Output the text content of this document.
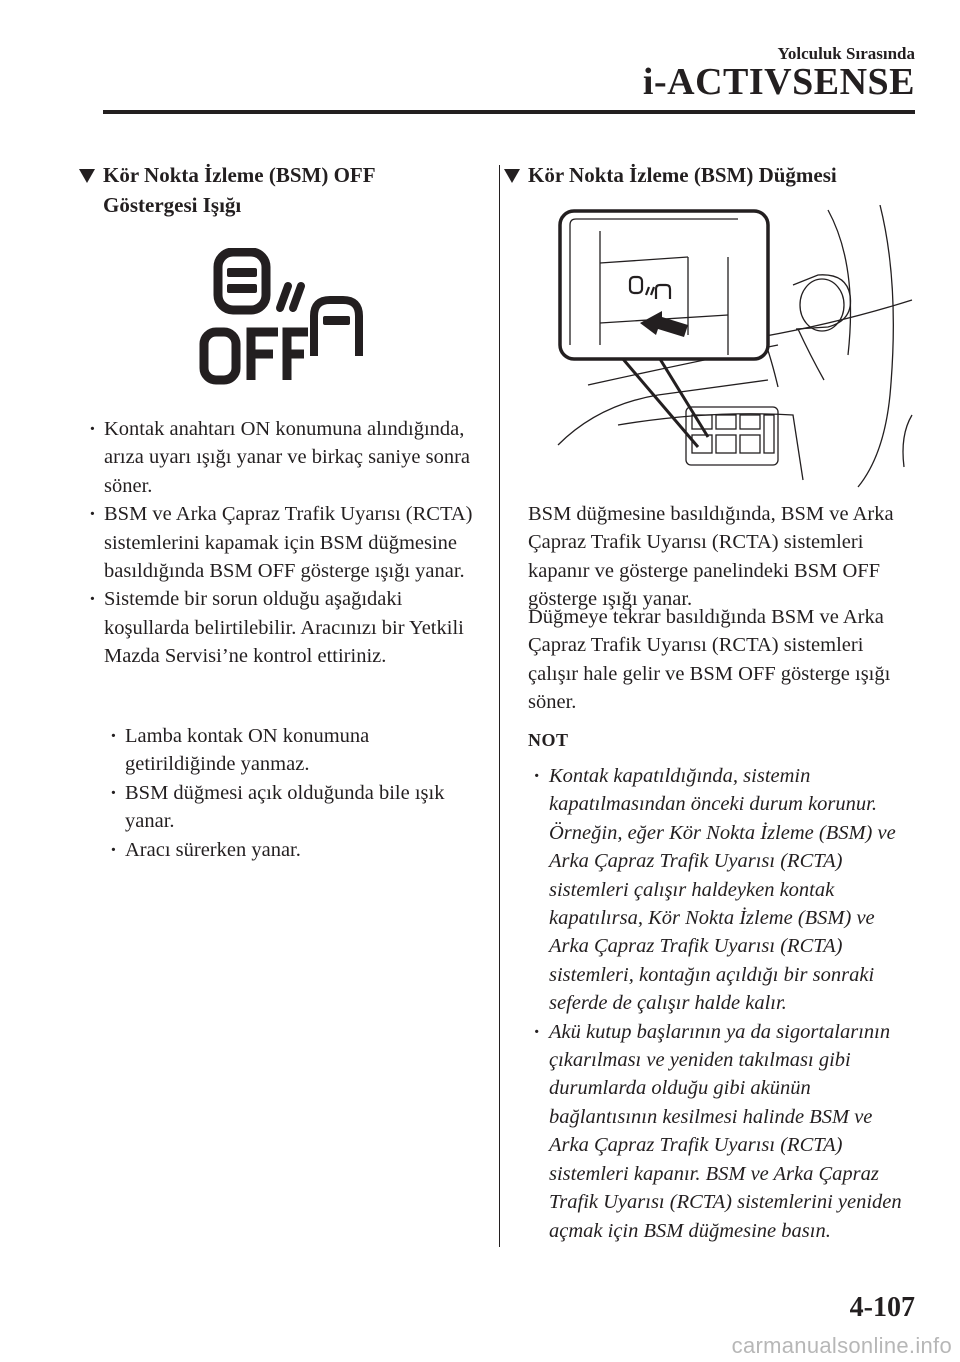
Yolculuk Sırasında
i-ACTIVSENSE
Kör Nokta İzleme (BSM) OFF Göstergesi Işığı
· Kontak anahtarı ON konumuna alındığında, arıza uyarı ışığı yanar ve birkaç saniye sonra söner.
· BSM ve Arka Çapraz Trafik Uyarısı (RCTA) sistemlerini kapamak için BSM düğmesine basıldığında BSM OFF gösterge ışığı yanar.
· Sistemde bir sorun olduğu aşağıdaki koşullarda belirtilebilir. Aracınızı bir Yetkili Mazda Servisi’ne kontrol ettiriniz.
· Lamba kontak ON konumuna getirildiğinde yanmaz.
· BSM düğmesi açık olduğunda bile ışık yanar.
· Aracı sürerken yanar.
Kör Nokta İzleme (BSM) Düğmesi
BSM düğmesine basıldığında, BSM ve Arka Çapraz Trafik Uyarısı (RCTA) sistemleri kapanır ve gösterge panelindeki BSM OFF gösterge ışığı yanar.
Düğmeye tekrar basıldığında BSM ve Arka Çapraz Trafik Uyarısı (RCTA) sistemleri çalışır hale gelir ve BSM OFF gösterge ışığı söner.
NOT
· Kontak kapatıldığında, sistemin kapatılmasından önceki durum korunur. Örneğin, eğer Kör Nokta İzleme (BSM) ve Arka Çapraz Trafik Uyarısı (RCTA) sistemleri çalışır haldeyken kontak kapatılırsa, Kör Nokta İzleme (BSM) ve Arka Çapraz Trafik Uyarısı (RCTA) sistemleri, kontağın açıldığı bir sonraki seferde de çalışır halde kalır.
· Akü kutup başlarının ya da sigortalarının çıkarılması ve yeniden takılması gibi durumlarda olduğu gibi akünün bağlantısının kesilmesi halinde BSM ve Arka Çapraz Trafik Uyarısı (RCTA) sistemleri kapanır. BSM ve Arka Çapraz Trafik Uyarısı (RCTA) sistemlerini yeniden açmak için BSM düğmesine basın.
4-107
carmanualsonline.info
